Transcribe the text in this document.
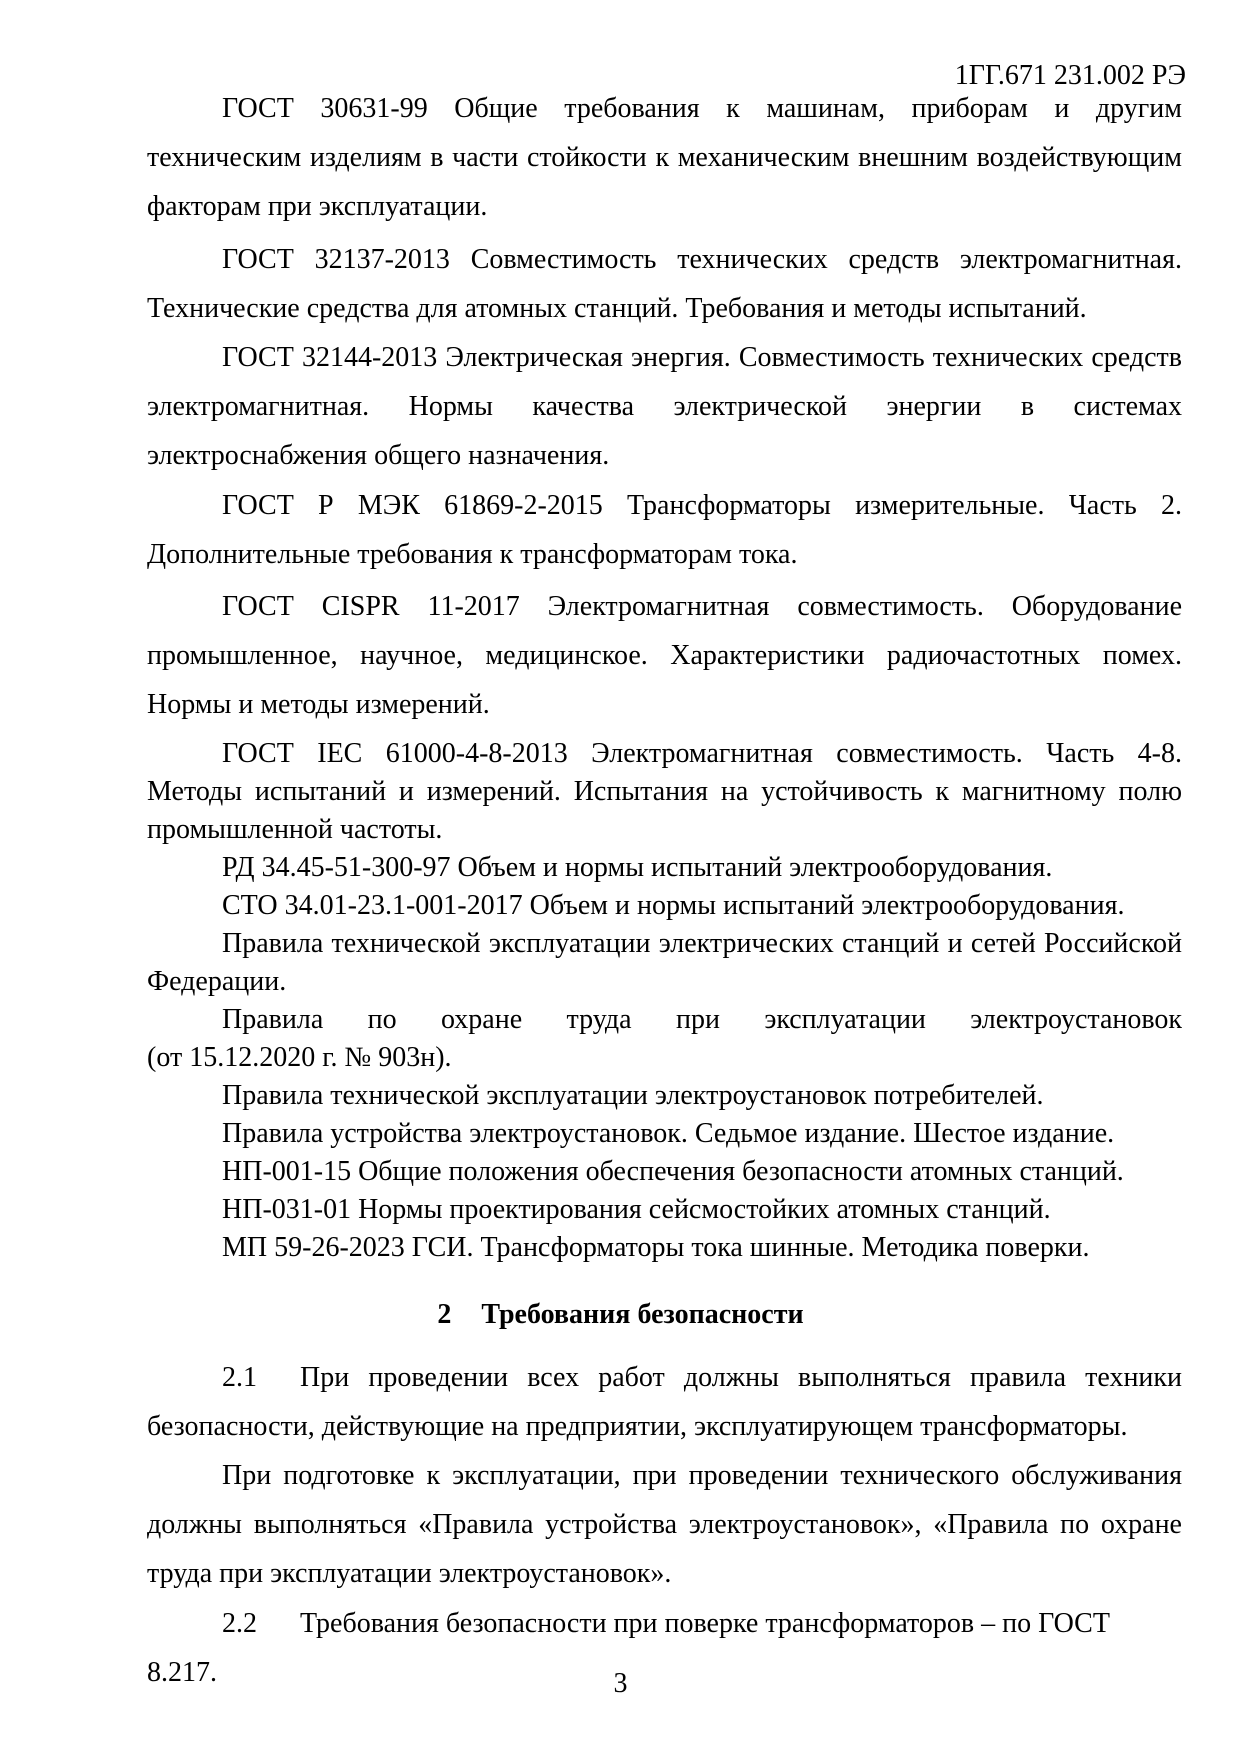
1ГГ.671 231.002 РЭ
ГОСТ 30631-99 Общие требования к машинам, приборам и другим техническим изделиям в части стойкости к механическим внешним воздействующим факторам при эксплуатации.
ГОСТ 32137-2013 Совместимость технических средств электромагнитная. Технические средства для атомных станций. Требования и методы испытаний.
ГОСТ 32144-2013 Электрическая энергия. Совместимость технических средств электромагнитная. Нормы качества электрической энергии в системах электроснабжения общего назначения.
ГОСТ Р МЭК 61869-2-2015 Трансформаторы измерительные. Часть 2. Дополнительные требования к трансформаторам тока.
ГОСТ CISPR 11-2017 Электромагнитная совместимость. Оборудование промышленное, научное, медицинское. Характеристики радиочастотных помех. Нормы и методы измерений.
ГОСТ IEC 61000-4-8-2013 Электромагнитная совместимость. Часть 4-8. Методы испытаний и измерений. Испытания на устойчивость к магнитному полю промышленной частоты.
РД 34.45-51-300-97 Объем и нормы испытаний электрооборудования.
СТО 34.01-23.1-001-2017 Объем и нормы испытаний электрооборудования.
Правила технической эксплуатации электрических станций и сетей Российской Федерации.
Правила по охране труда при эксплуатации электроустановок
(от 15.12.2020 г. № 903н).
Правила технической эксплуатации электроустановок потребителей.
Правила устройства электроустановок. Седьмое издание. Шестое издание.
НП-001-15 Общие положения обеспечения безопасности атомных станций.
НП-031-01 Нормы проектирования сейсмостойких атомных станций.
МП 59-26-2023 ГСИ. Трансформаторы тока шинные. Методика поверки.
2 Требования безопасности
2.1 При проведении всех работ должны выполняться правила техники безопасности, действующие на предприятии, эксплуатирующем трансформаторы.
При подготовке к эксплуатации, при проведении технического обслуживания должны выполняться «Правила устройства электроустановок», «Правила по охране труда при эксплуатации электроустановок».
2.2 Требования безопасности при поверке трансформаторов – по ГОСТ 8.217.	3
